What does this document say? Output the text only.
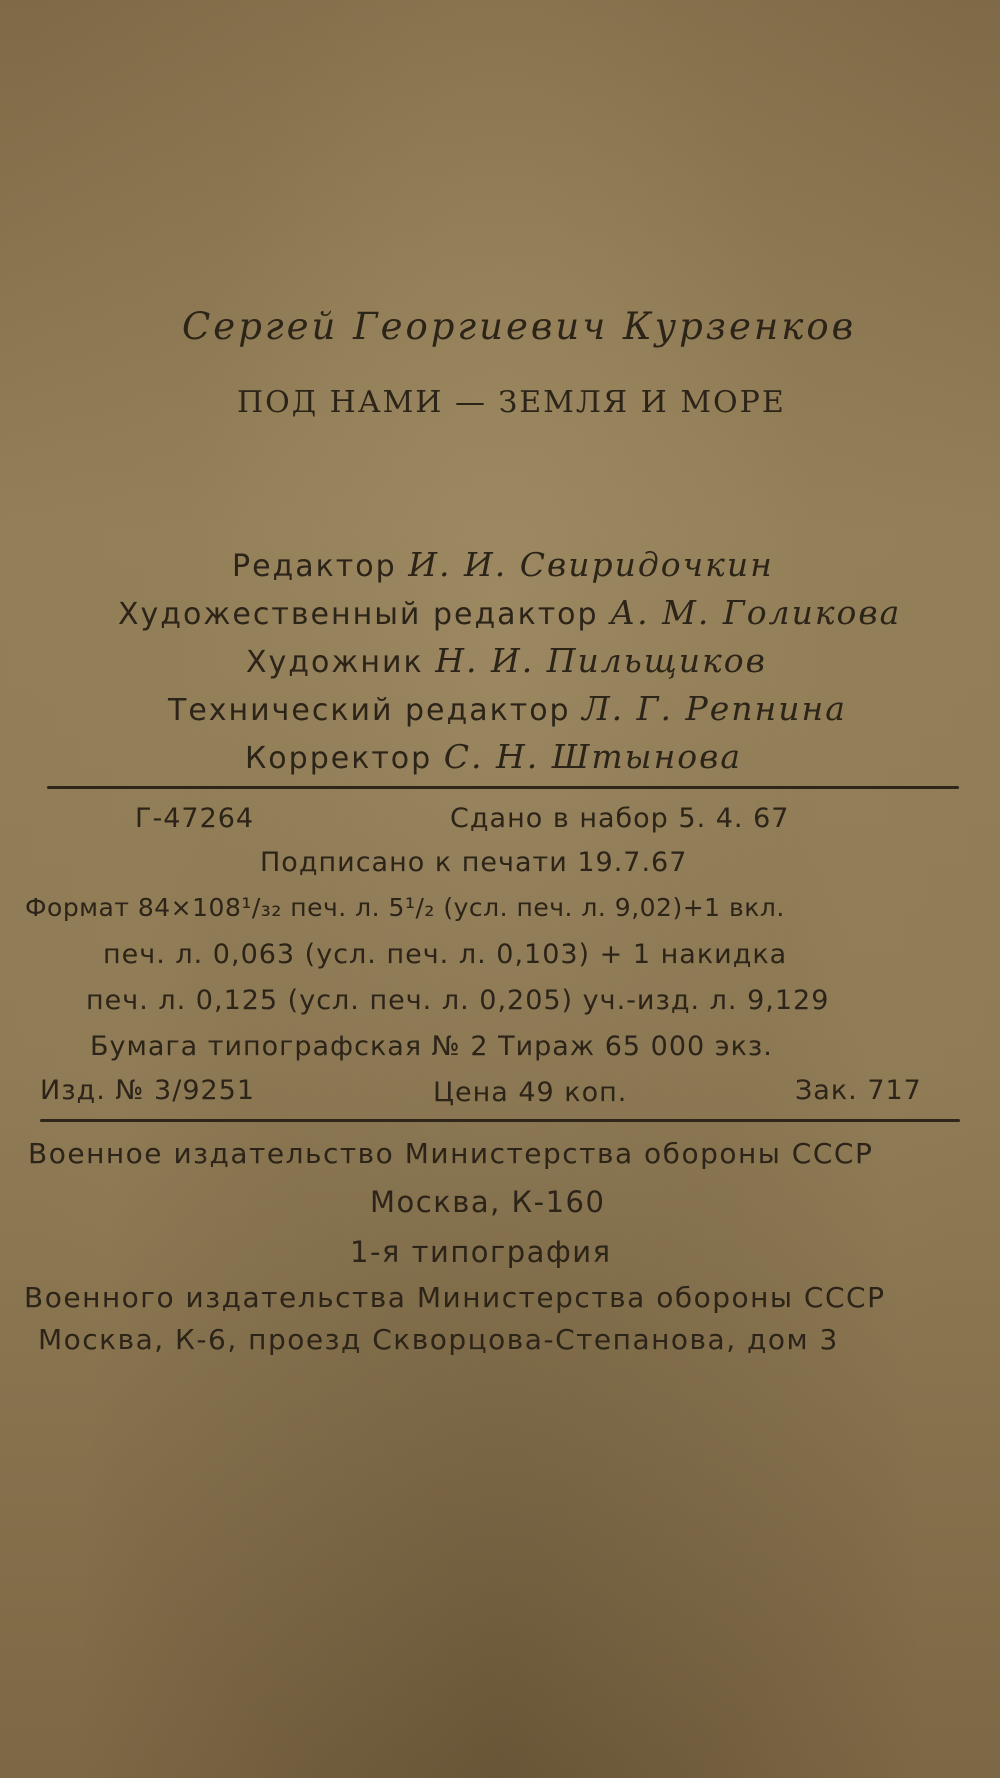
Сергей Георгиевич Курзенков
ПОД НАМИ — ЗЕМЛЯ И МОРЕ
Редактор И. И. Свиридочкин
Художественный редактор А. М. Голикова
Художник Н. И. Пильщиков
Технический редактор Л. Г. Репнина
Корректор С. Н. Штынова
Г-47264	Сдано в набор 5. 4. 67
Подписано к печати 19.7.67
Формат 84×108¹/₃₂ печ. л. 5¹/₂ (усл. печ. л. 9,02)+1 вкл.
печ. л. 0,063 (усл. печ. л. 0,103) + 1 накидка
печ. л. 0,125 (усл. печ. л. 0,205) уч.-изд. л. 9,129
Бумага типографская № 2 Тираж 65 000 экз.
Изд. № 3/9251	Цена 49 коп.	Зак. 717
Военное издательство Министерства обороны СССР
Москва, К-160
1-я типография
Военного издательства Министерства обороны СССР
Москва, К-6, проезд Скворцова-Степанова, дом 3
